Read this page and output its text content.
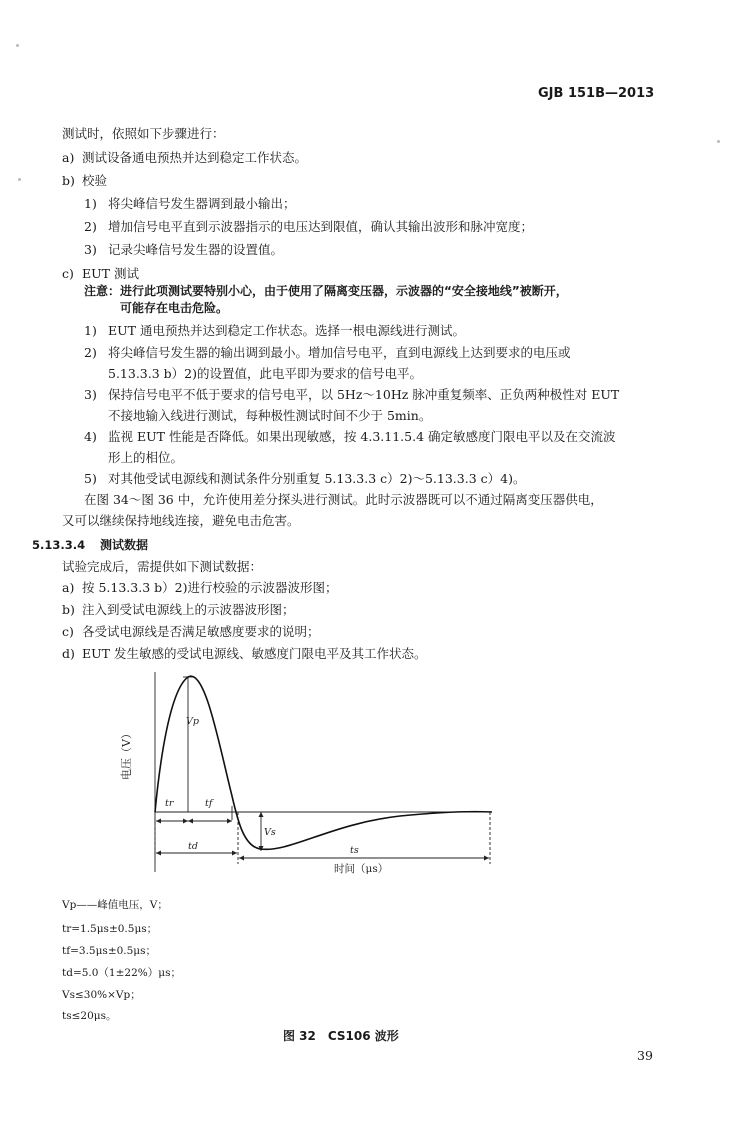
GJB 151B—2013
测试时，依照如下步骤进行：
a) 测试设备通电预热并达到稳定工作状态。
b) 校验
1) 将尖峰信号发生器调到最小输出；
2) 增加信号电平直到示波器指示的电压达到限值，确认其输出波形和脉冲宽度；
3) 记录尖峰信号发生器的设置值。
c) EUT 测试
注意：进行此项测试要特别小心，由于使用了隔离变压器，示波器的“安全接地线”被断开，
可能存在电击危险。
1) EUT 通电预热并达到稳定工作状态。选择一根电源线进行测试。
2) 将尖峰信号发生器的输出调到最小。增加信号电平，直到电源线上达到要求的电压或
5.13.3.3 b）2)的设置值，此电平即为要求的信号电平。
3) 保持信号电平不低于要求的信号电平，以 5Hz～10Hz 脉冲重复频率、正负两种极性对 EUT
不接地输入线进行测试，每种极性测试时间不少于 5min。
4) 监视 EUT 性能是否降低。如果出现敏感，按 4.3.11.5.4 确定敏感度门限电平以及在交流波
形上的相位。
5) 对其他受试电源线和测试条件分别重复 5.13.3.3 c）2)～5.13.3.3 c）4)。
在图 34～图 36 中，允许使用差分探头进行测试。此时示波器既可以不通过隔离变压器供电，
又可以继续保持地线连接，避免电击危害。
5.13.3.4 测试数据
试验完成后，需提供如下测试数据：
a) 按 5.13.3.3 b）2)进行校验的示波器波形图；
b) 注入到受试电源线上的示波器波形图；
c) 各受试电源线是否满足敏感度要求的说明；
d) EUT 发生敏感的受试电源线、敏感度门限电平及其工作状态。
电压（V）
时间（μs）
Vp
tr	tf
Vs
td	ts
Vp——峰值电压，V；
tr=1.5μs±0.5μs；
tf=3.5μs±0.5μs；
td=5.0（1±22%）μs；
Vs≤30%×Vp；
ts≤20μs。
图 32　CS106 波形
39
